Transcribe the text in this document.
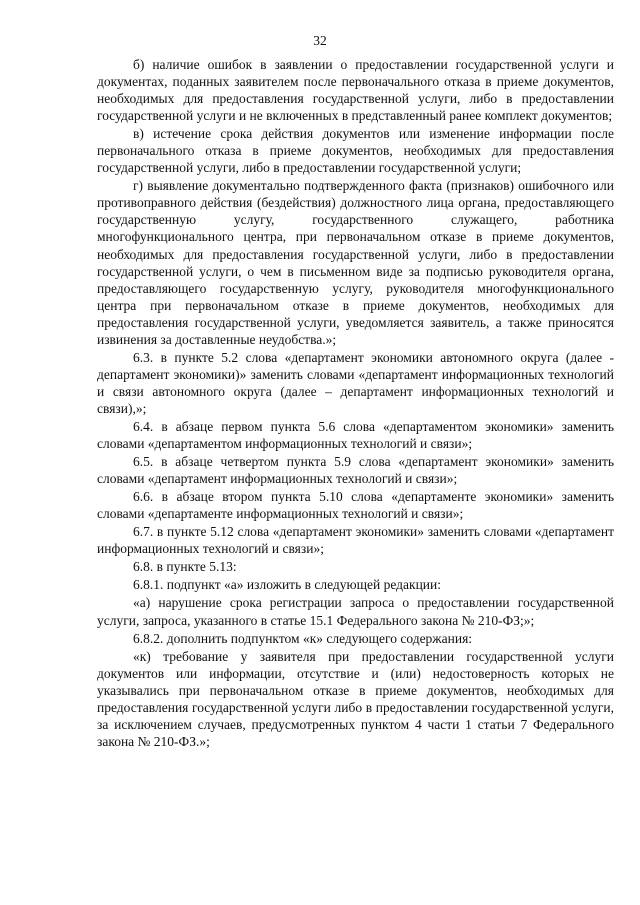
32

б) наличие ошибок в заявлении о предоставлении государственной услуги и документах, поданных заявителем после первоначального отказа в приеме документов, необходимых для предоставления государственной услуги, либо в предоставлении государственной услуги и не включенных в представленный ранее комплект документов;

в) истечение срока действия документов или изменение информации после первоначального отказа в приеме документов, необходимых для предоставления государственной услуги, либо в предоставлении государственной услуги;

г) выявление документально подтвержденного факта (признаков) ошибочного или противоправного действия (бездействия) должностного лица органа, предоставляющего государственную услугу, государственного служащего, работника многофункционального центра, при первоначальном отказе в приеме документов, необходимых для предоставления государственной услуги, либо в предоставлении государственной услуги, о чем в письменном виде за подписью руководителя органа, предоставляющего государственную услугу, руководителя многофункционального центра при первоначальном отказе в приеме документов, необходимых для предоставления государственной услуги, уведомляется заявитель, а также приносятся извинения за доставленные неудобства.»;

6.3. в пункте 5.2 слова «департамент экономики автономного округа (далее - департамент экономики)» заменить словами «департамент информационных технологий и связи автономного округа (далее – департамент информационных технологий и связи),»;

6.4. в абзаце первом пункта 5.6 слова «департаментом экономики» заменить словами «департаментом информационных технологий и связи»;

6.5. в абзаце четвертом пункта 5.9 слова «департамент экономики» заменить словами «департамент информационных технологий и связи»;

6.6. в абзаце втором пункта 5.10 слова «департаменте экономики» заменить словами «департаменте информационных технологий и связи»;

6.7. в пункте 5.12 слова «департамент экономики» заменить словами «департамент информационных технологий и связи»;

6.8. в пункте 5.13:

6.8.1. подпункт «а» изложить в следующей редакции:

«а) нарушение срока регистрации запроса о предоставлении государственной услуги, запроса, указанного в статье 15.1 Федерального закона № 210-ФЗ;»;

6.8.2. дополнить подпунктом «к» следующего содержания:

«к) требование у заявителя при предоставлении государственной услуги документов или информации, отсутствие и (или) недостоверность которых не указывались при первоначальном отказе в приеме документов, необходимых для предоставления государственной услуги либо в предоставлении государственной услуги, за исключением случаев, предусмотренных пунктом 4 части 1 статьи 7 Федерального закона № 210-ФЗ.»;
